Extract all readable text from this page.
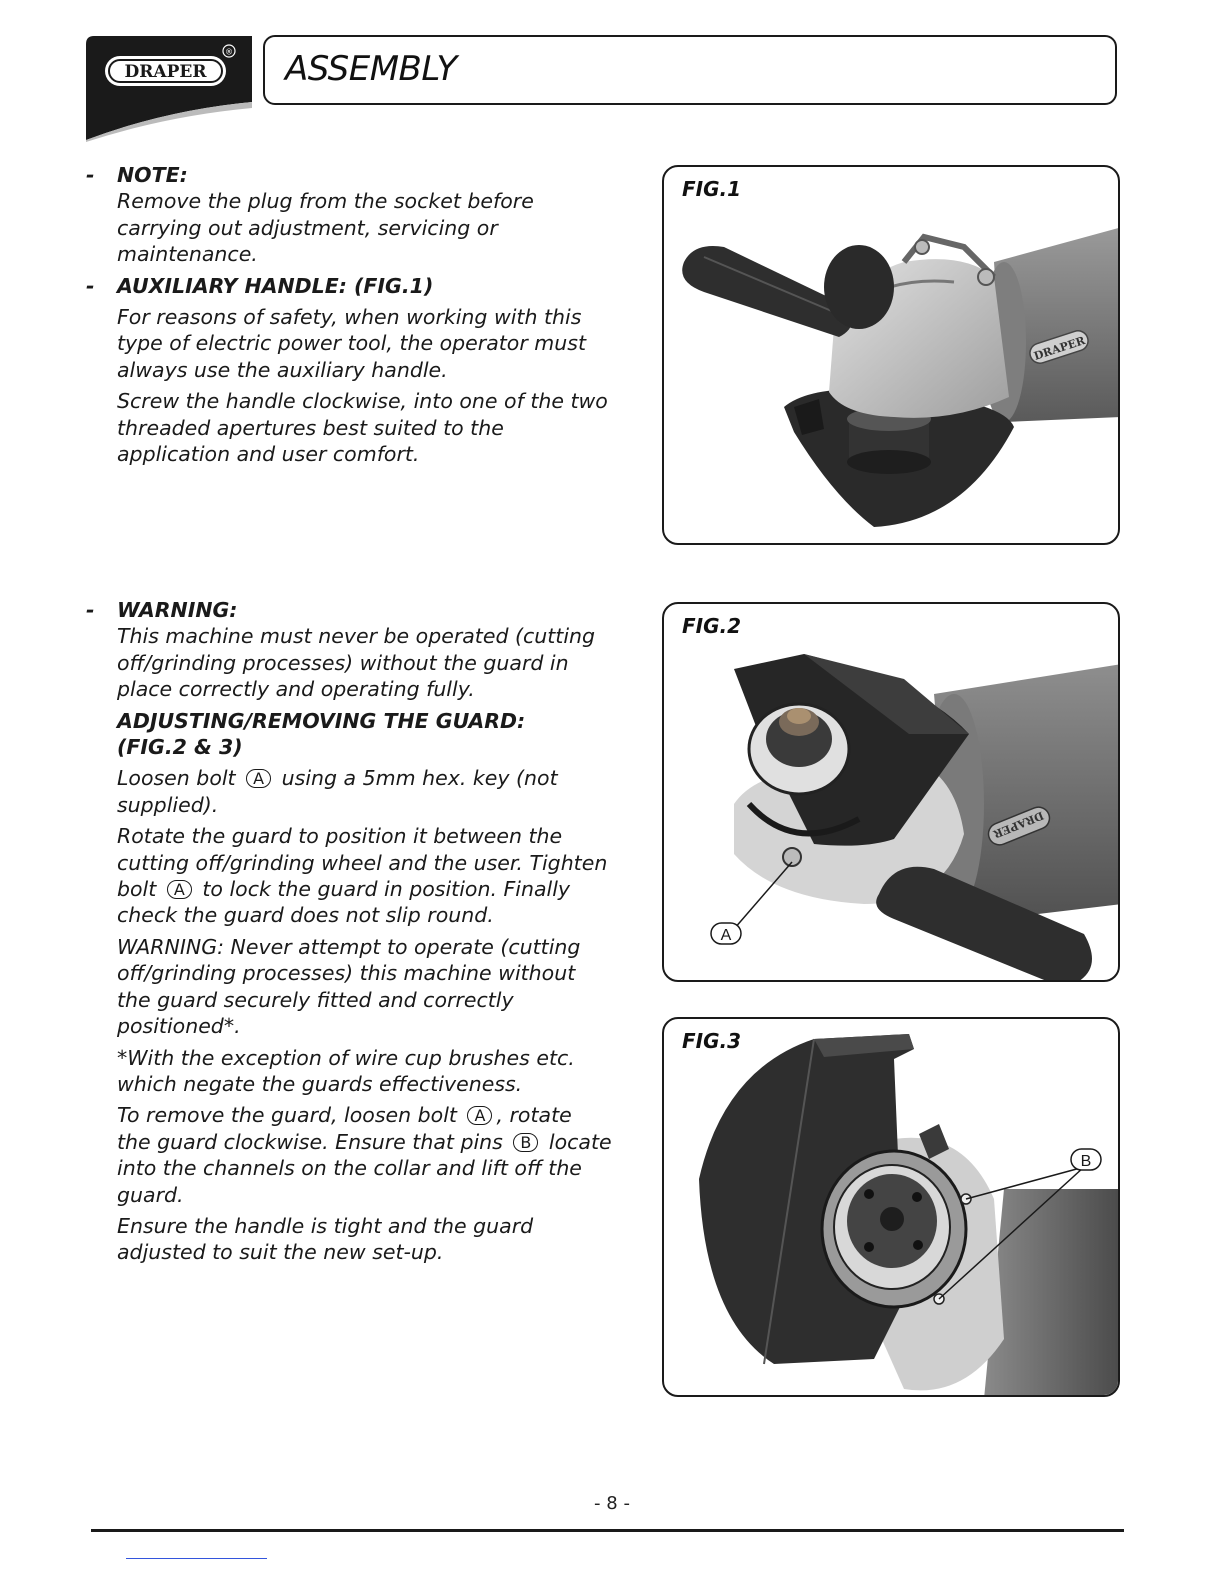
DRAPER
® ASSEMBLY
- NOTE:

Remove the plug from the socket before

carrying out adjustment, servicing or

maintenance.

- AUXILIARY HANDLE: (FIG.1)

For reasons of safety, when working with this

type of electric power tool, the operator must

always use the auxiliary handle.

Screw the handle clockwise, into one of the two

threaded apertures best suited to the

application and user comfort.

- WARNING:

This machine must never be operated (cutting

off/grinding processes) without the guard in

place correctly and operating fully.

ADJUSTING/REMOVING THE GUARD:
(FIG.2 & 3)

Loosen bolt A using a 5mm hex. key (not

supplied).

Rotate the guard to position it between the

cutting off/grinding wheel and the user. Tighten

bolt A to lock the guard in position. Finally

check the guard does not slip round.

WARNING: Never attempt to operate (cutting

off/grinding processes) this machine without

the guard securely fitted and correctly

positioned*.

*With the exception of wire cup brushes etc.

which negate the guards effectiveness.

To remove the guard, loosen bolt A , rotate

the guard clockwise. Ensure that pins B locate

into the channels on the collar and lift off the

guard.

Ensure the handle is tight and the guard

adjusted to suit the new set-up.

FIG.1
DRAPER
FIG.2
DRAPER
A
FIG.3
B
- 8 -
